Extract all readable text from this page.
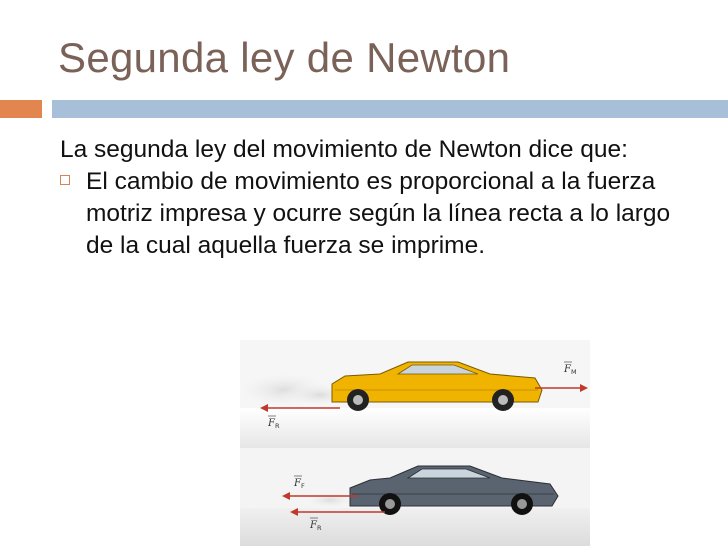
Segunda ley de Newton

La segunda ley del movimiento de Newton dice que:

El cambio de movimiento es proporcional a la fuerza motriz impresa y ocurre según la línea recta a lo largo de la cual aquella fuerza se imprime.

F M
F R
F F
F R
